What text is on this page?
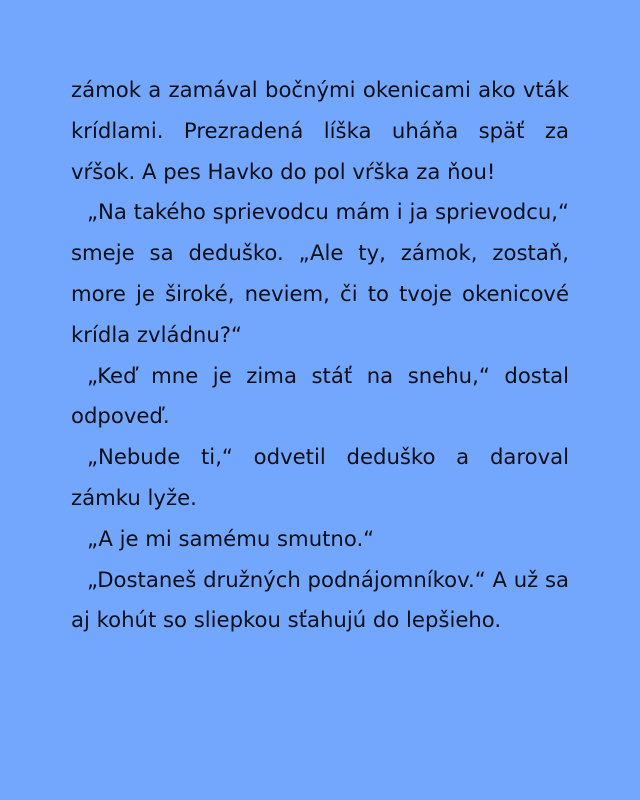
zámok a zamával bočnými okenicami ako vták krídlami. Prezradená líška uháňa späť za vŕšok. A pes Havko do pol vŕška za ňou!

„Na takého sprievodcu mám i ja sprievodcu,“ smeje sa deduško. „Ale ty, zámok, zostaň, more je široké, neviem, či to tvoje okenicové krídla zvládnu?“

„Keď mne je zima stáť na snehu,“ dostal odpoveď.

„Nebude ti,“ odvetil deduško a daroval zámku lyže.

„A je mi samému smutno.“

„Dostaneš družných podnájomníkov.“ A už sa aj kohút so sliepkou sťahujú do lepšieho.
